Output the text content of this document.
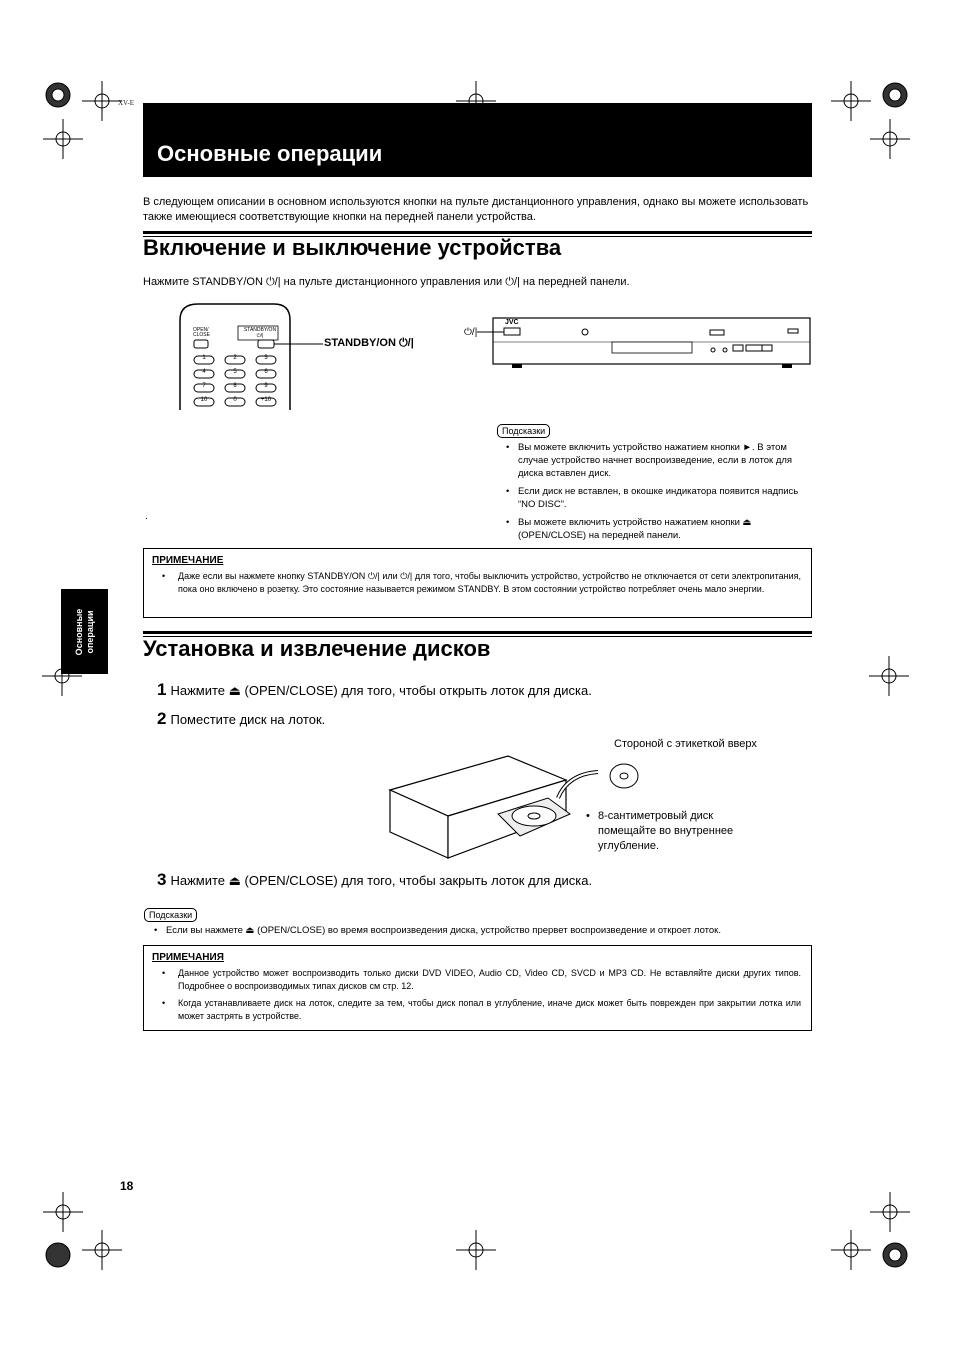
XV-E
Основные операции
В следующем описании в основном используются кнопки на пульте дистанционного управления, однако вы можете использовать также имеющиеся соответствующие кнопки на передней панели устройства.
Включение и выключение устройства
Нажмите STANDBY/ON ⏻/| на пульте дистанционного управления или ⏻/| на передней панели.
OPEN/ CLOSE
STANDBY/ON ⏻/|
STANDBY/ON ⏻/|
1	2	3
4	5	6
7	8	9
10	0	+10
⏻/|
JVC
Подсказки
• Вы можете включить устройство нажатием кнопки ►. В этом случае устройство начнет воспроизведение, если в лоток для диска вставлен диск.
• Если диск не вставлен, в окошке индикатора появится надпись “NO DISC”.
• Вы можете включить устройство нажатием кнопки ⏏ (OPEN/CLOSE) на передней панели.
.
ПРИМЕЧАНИЕ
• Даже если вы нажмете кнопку STANDBY/ON ⏻/| или ⏻/| для того, чтобы выключить устройство, устройство не отключается от сети электропитания, пока оно включено в розетку. Это состояние называется режимом STANDBY. В этом состоянии устройство потребляет очень мало энергии.
Основные операции Установка и извлечение дисков
1 Нажмите ⏏ (OPEN/CLOSE) для того, чтобы открыть лоток для диска.
2 Поместите диск на лоток.
Стороной с этикеткой вверх
• 8-сантиметровый диск помещайте во внутреннее углубление.
3 Нажмите ⏏ (OPEN/CLOSE) для того, чтобы закрыть лоток для диска.
Подсказки
• Если вы нажмете ⏏ (OPEN/CLOSE) во время воспроизведения диска, устройство прервет воспроизведение и откроет лоток.
ПРИМЕЧАНИЯ
• Данное устройство может воспроизводить только диски DVD VIDEO, Audio CD, Video CD, SVCD и MP3 CD. Не вставляйте диски других типов. Подробнее о воспроизводимых типах дисков см стр. 12.
• Когда устанавливаете диск на лоток, следите за тем, чтобы диск попал в углубление, иначе диск может быть поврежден при закрытии лотка или может застрять в устройстве.
18
